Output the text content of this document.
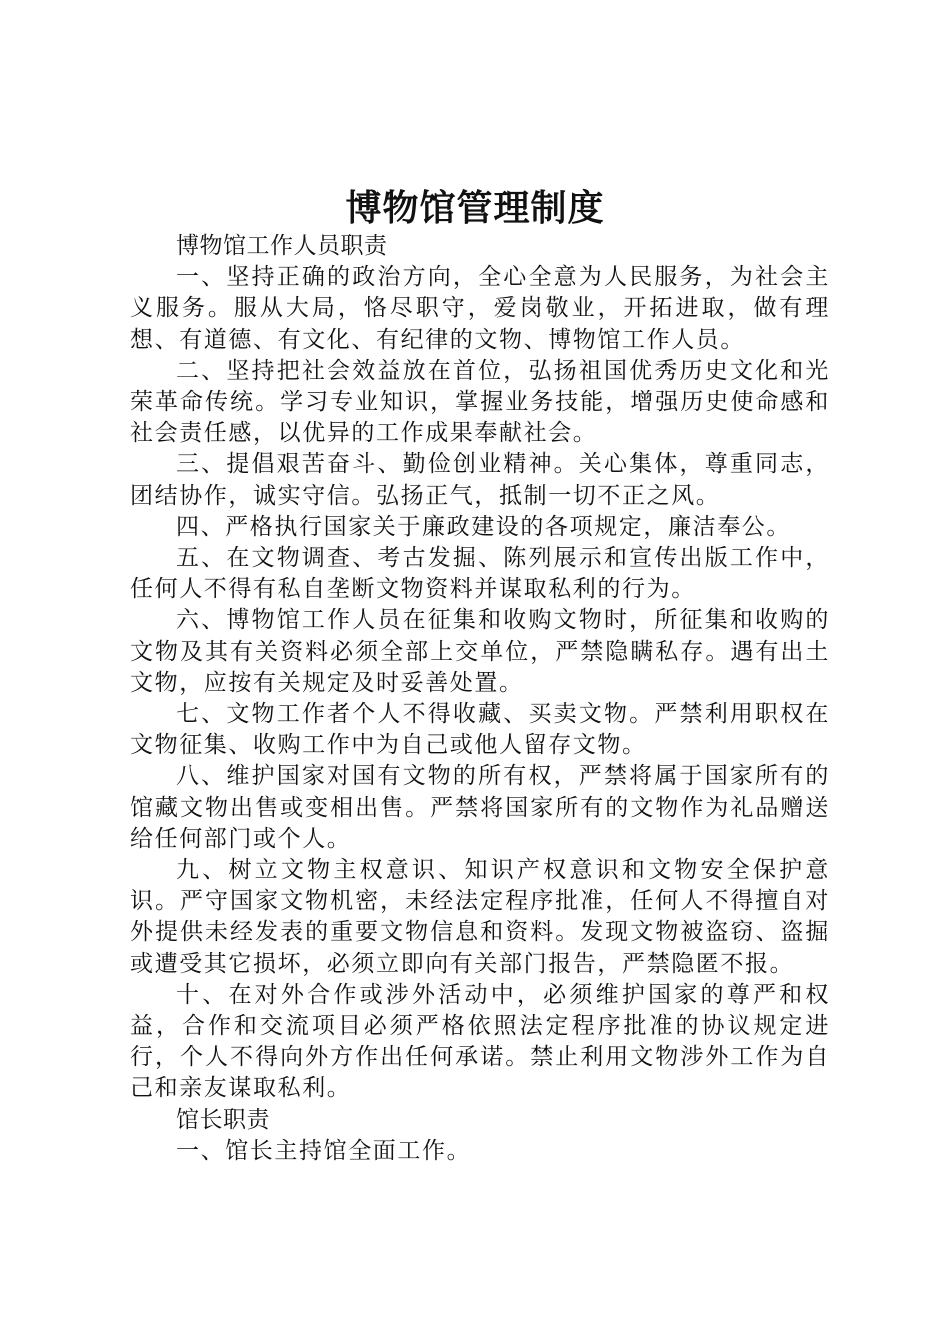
博物馆管理制度

博物馆工作人员职责

一、坚持正确的政治方向，全心全意为人民服务，为社会主义服务。服从大局，恪尽职守，爱岗敬业，开拓进取，做有理想、有道德、有文化、有纪律的文物、博物馆工作人员。

二、坚持把社会效益放在首位，弘扬祖国优秀历史文化和光荣革命传统。学习专业知识，掌握业务技能，增强历史使命感和社会责任感，以优异的工作成果奉献社会。

三、提倡艰苦奋斗、勤俭创业精神。关心集体，尊重同志，团结协作，诚实守信。弘扬正气，抵制一切不正之风。

四、严格执行国家关于廉政建设的各项规定，廉洁奉公。

五、在文物调查、考古发掘、陈列展示和宣传出版工作中，任何人不得有私自垄断文物资料并谋取私利的行为。

六、博物馆工作人员在征集和收购文物时，所征集和收购的文物及其有关资料必须全部上交单位，严禁隐瞒私存。遇有出土文物，应按有关规定及时妥善处置。

七、文物工作者个人不得收藏、买卖文物。严禁利用职权在文物征集、收购工作中为自己或他人留存文物。

八、维护国家对国有文物的所有权，严禁将属于国家所有的馆藏文物出售或变相出售。严禁将国家所有的文物作为礼品赠送给任何部门或个人。

九、树立文物主权意识、知识产权意识和文物安全保护意识。严守国家文物机密，未经法定程序批准，任何人不得擅自对外提供未经发表的重要文物信息和资料。发现文物被盗窃、盗掘或遭受其它损坏，必须立即向有关部门报告，严禁隐匿不报。

十、在对外合作或涉外活动中，必须维护国家的尊严和权益，合作和交流项目必须严格依照法定程序批准的协议规定进行，个人不得向外方作出任何承诺。禁止利用文物涉外工作为自己和亲友谋取私利。

馆长职责

一、馆长主持馆全面工作。
